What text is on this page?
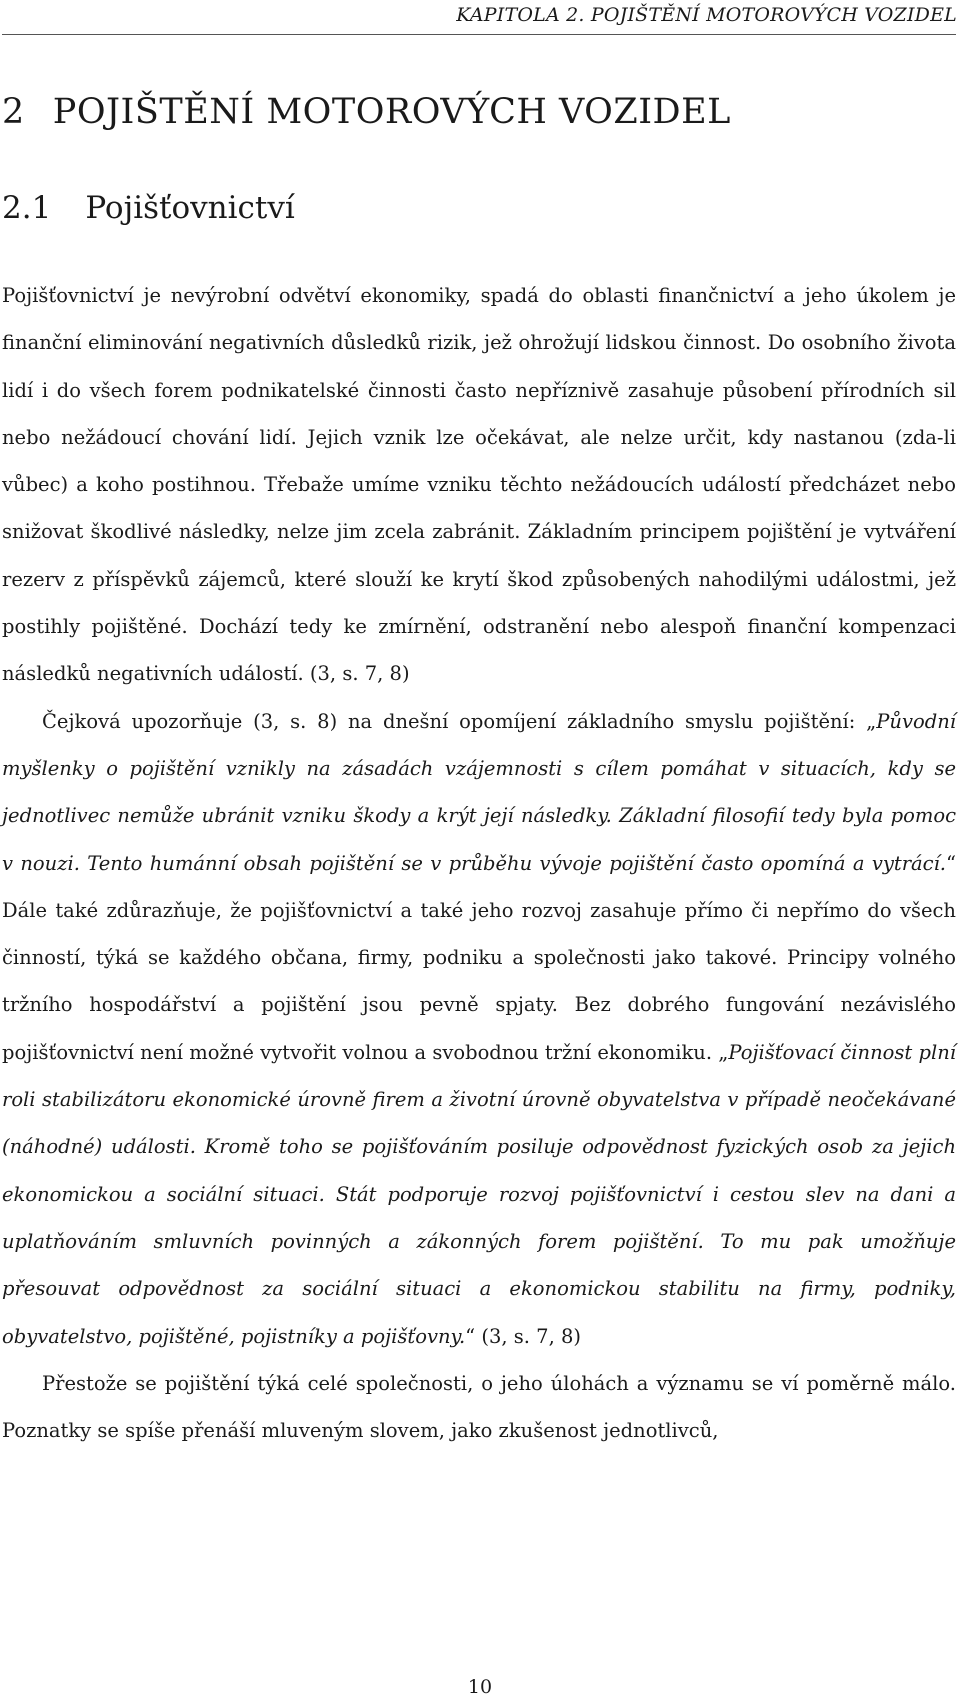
KAPITOLA 2. POJIŠTĚNÍ MOTOROVÝCH VOZIDEL
2 POJIŠTĚNÍ MOTOROVÝCH VOZIDEL
2.1 Pojišťovnictví

Pojišťovnictví je nevýrobní odvětví ekonomiky, spadá do oblasti finančnictví a jeho úkolem je finanční eliminování negativních důsledků rizik, jež ohrožují lidskou činnost. Do osobního života lidí i do všech forem podnikatelské činnosti často nepříznivě zasahuje působení přírodních sil nebo nežádoucí chování lidí. Jejich vznik lze očekávat, ale nelze určit, kdy nastanou (zda-li vůbec) a koho postihnou. Třebaže umíme vzniku těchto nežádoucích událostí předcházet nebo snižovat škodlivé následky, nelze jim zcela zabránit. Základním principem pojištění je vytváření rezerv z příspěvků zájemců, které slouží ke krytí škod způsobených nahodilými událostmi, jež postihly pojištěné. Dochází tedy ke zmírnění, odstranění nebo alespoň finanční kompenzaci následků negativních událostí. (3, s. 7, 8)

Čejková upozorňuje (3, s. 8) na dnešní opomíjení základního smyslu pojištění: „Původní myšlenky o pojištění vznikly na zásadách vzájemnosti s cílem pomáhat v situacích, kdy se jednotlivec nemůže ubránit vzniku škody a krýt její následky. Základní filosofií tedy byla pomoc v nouzi. Tento humánní obsah pojištění se v průběhu vývoje pojištění často opomíná a vytrácí.“ Dále také zdůrazňuje, že pojišťovnictví a také jeho rozvoj zasahuje přímo či nepřímo do všech činností, týká se každého občana, firmy, podniku a společnosti jako takové. Principy volného tržního hospodářství a pojištění jsou pevně spjaty. Bez dobrého fungování nezávislého pojišťovnictví není možné vytvořit volnou a svobodnou tržní ekonomiku. „Pojišťovací činnost plní roli stabilizátoru ekonomické úrovně firem a životní úrovně obyvatelstva v případě neočekávané (náhodné) události. Kromě toho se pojišťováním posiluje odpovědnost fyzických osob za jejich ekonomickou a sociální situaci. Stát podporuje rozvoj pojišťovnictví i cestou slev na dani a uplatňováním smluvních povinných a zákonných forem pojištění. To mu pak umožňuje přesouvat odpovědnost za sociální situaci a ekonomickou stabilitu na firmy, podniky, obyvatelstvo, pojištěné, pojistníky a pojišťovny.“ (3, s. 7, 8)

Přestože se pojištění týká celé společnosti, o jeho úlohách a významu se ví poměrně málo. Poznatky se spíše přenáší mluveným slovem, jako zkušenost jednotlivců,

10
